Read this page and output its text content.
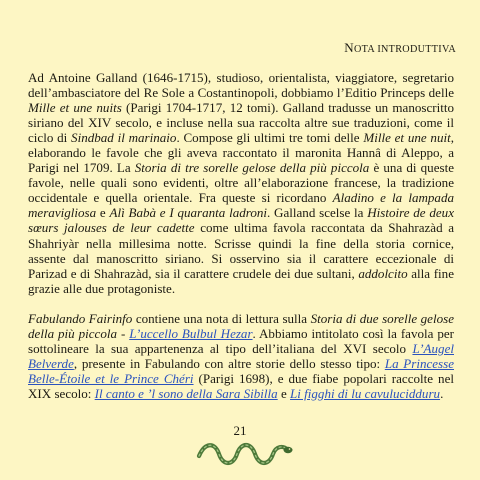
NOTA INTRODUTTIVA

Ad Antoine Galland (1646-1715), studioso, orientalista, viaggiatore, segretario dell’ambasciatore del Re Sole a Costantinopoli, dobbiamo l’Editio Princeps delle Mille et une nuits (Parigi 1704-1717, 12 tomi). Galland tradusse un manoscritto siriano del XIV secolo, e incluse nella sua raccolta altre sue traduzioni, come il ciclo di Sindbad il marinaio. Compose gli ultimi tre tomi delle Mille et une nuit, elaborando le favole che gli aveva raccontato il maronita Hannâ di Aleppo, a Parigi nel 1709. La Storia di tre sorelle gelose della più piccola è una di queste favole, nelle quali sono evidenti, oltre all’elaborazione francese, la tradizione occidentale e quella orientale. Fra queste si ricordano Aladino e la lampada meravigliosa e Alì Babà e I quaranta ladroni. Galland scelse la Histoire de deux sœurs jalouses de leur cadette come ultima favola raccontata da Shahrazàd a Shahriyàr nella millesima notte. Scrisse quindi la fine della storia cornice, assente dal manoscritto siriano. Si osservino sia il carattere eccezionale di Parizad e di Shahrazàd, sia il carattere crudele dei due sultani, addolcito alla fine grazie alle due protagoniste.

Fabulando Fairinfo contiene una nota di lettura sulla Storia di due sorelle gelose della più piccola - L’uccello Bulbul Hezar. Abbiamo intitolato così la favola per sottolineare la sua appartenenza al tipo dell’italiana del XVI secolo L’Augel Belverde, presente in Fabulando con altre storie dello stesso tipo: La Princesse Belle-Étoile et le Prince Chéri (Parigi 1698), e due fiabe popolari raccolte nel XIX secolo: Il canto e ’l sono della Sara Sibilla e Li figghi di lu cavulucidduru.

21
